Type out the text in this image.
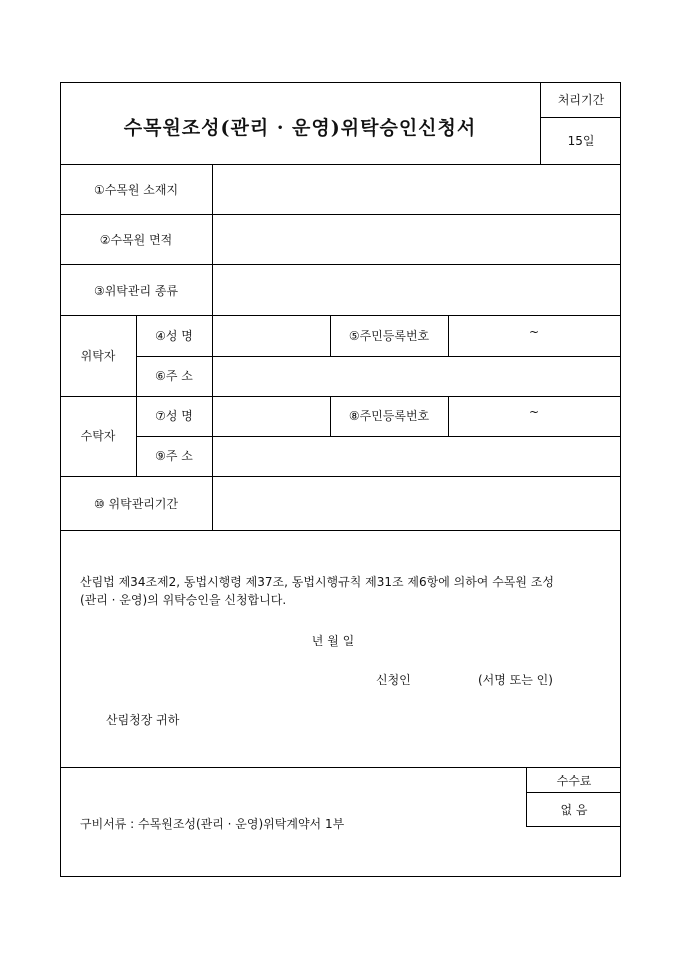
수목원조성(관리 · 운영)위탁승인신청서
처리기간
15일
①수목원 소재지
②수목원 면적
③위탁관리 종류
위탁자
④성 명	⑤주민등록번호	~
⑥주 소
수탁자
⑦성 명	⑧주민등록번호	~
⑨주 소
⑩ 위탁관리기간
산림법 제34조제2, 동법시행령 제37조, 동법시행규칙 제31조 제6항에 의하여 수목원 조성
(관리 · 운영)의 위탁승인을 신청합니다.
년 월 일
신청인	(서명 또는 인)
산림청장 귀하
구비서류 : 수목원조성(관리 · 운영)위탁계약서 1부
수수료
없 음
